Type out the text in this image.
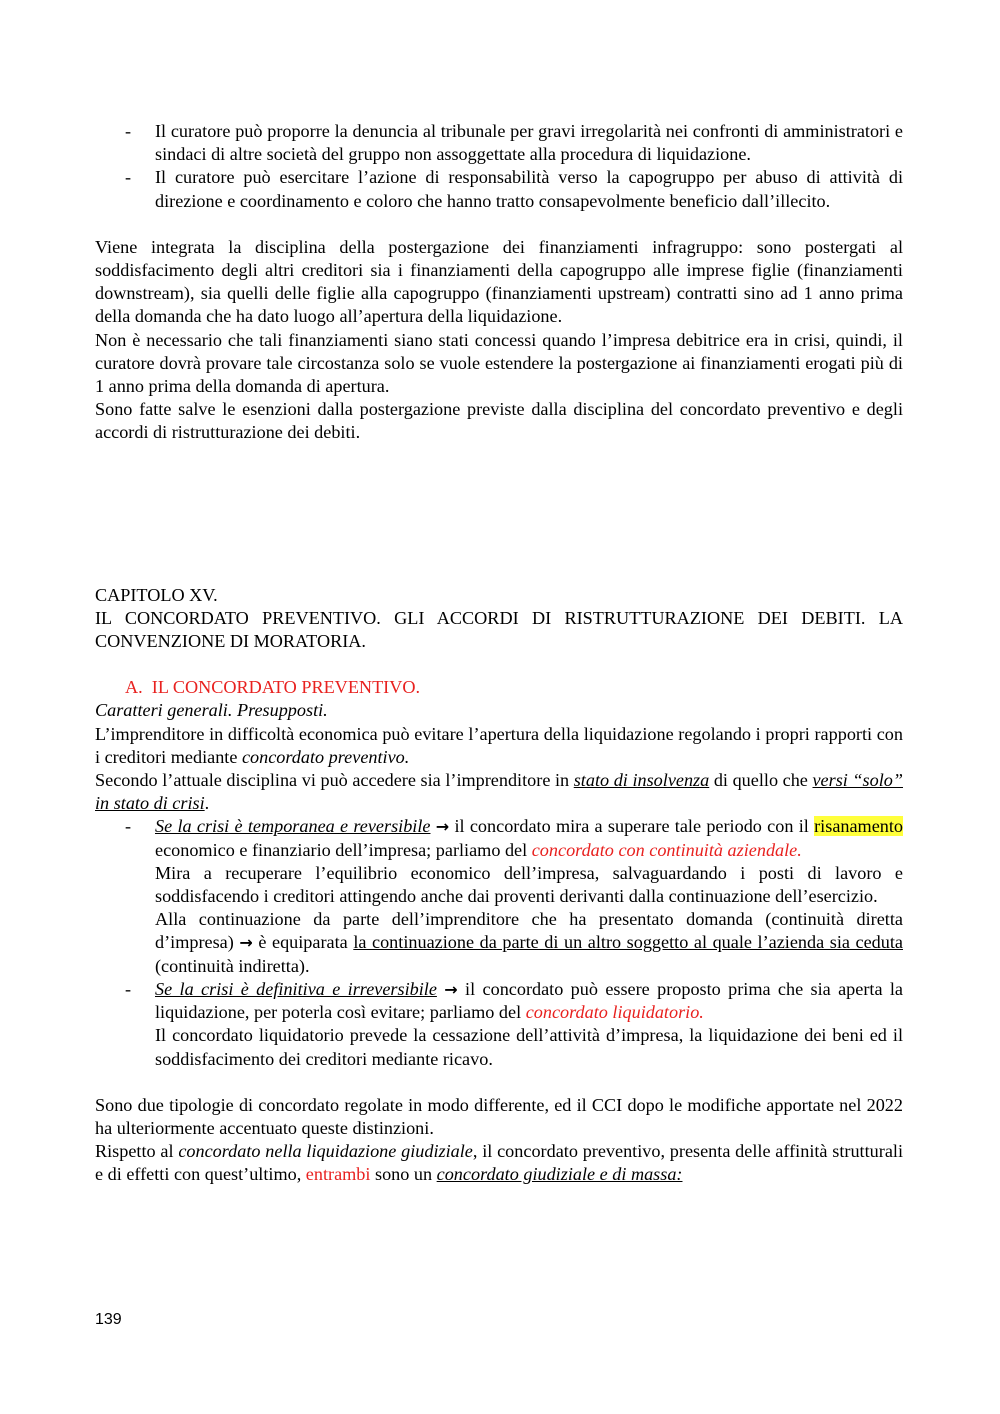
- Il curatore può proporre la denuncia al tribunale per gravi irregolarità nei confronti di amministratori e sindaci di altre società del gruppo non assoggettate alla procedura di liquidazione.
- Il curatore può esercitare l’azione di responsabilità verso la capogruppo per abuso di attività di direzione e coordinamento e coloro che hanno tratto consapevolmente beneficio dall’illecito.

Viene integrata la disciplina della postergazione dei finanziamenti infragruppo: sono postergati al soddisfacimento degli altri creditori sia i finanziamenti della capogruppo alle imprese figlie (finanziamenti downstream), sia quelli delle figlie alla capogruppo (finanziamenti upstream) contratti sino ad 1 anno prima della domanda che ha dato luogo all’apertura della liquidazione.

Non è necessario che tali finanziamenti siano stati concessi quando l’impresa debitrice era in crisi, quindi, il curatore dovrà provare tale circostanza solo se vuole estendere la postergazione ai finanziamenti erogati più di 1 anno prima della domanda di apertura.

Sono fatte salve le esenzioni dalla postergazione previste dalla disciplina del concordato preventivo e degli accordi di ristrutturazione dei debiti.

CAPITOLO XV.

IL CONCORDATO PREVENTIVO. GLI ACCORDI DI RISTRUTTURAZIONE DEI DEBITI. LA CONVENZIONE DI MORATORIA.

A. IL CONCORDATO PREVENTIVO.

Caratteri generali. Presupposti.

L’imprenditore in difficoltà economica può evitare l’apertura della liquidazione regolando i propri rapporti con i creditori mediante concordato preventivo.

Secondo l’attuale disciplina vi può accedere sia l’imprenditore in stato di insolvenza di quello che versi “solo” in stato di crisi.

- Se la crisi è temporanea e reversibile → il concordato mira a superare tale periodo con il risanamento economico e finanziario dell’impresa; parliamo del concordato con continuità aziendale.

Mira a recuperare l’equilibrio economico dell’impresa, salvaguardando i posti di lavoro e soddisfacendo i creditori attingendo anche dai proventi derivanti dalla continuazione dell’esercizio.

Alla continuazione da parte dell’imprenditore che ha presentato domanda (continuità diretta d’impresa) → è equiparata la continuazione da parte di un altro soggetto al quale l’azienda sia ceduta (continuità indiretta).

- Se la crisi è definitiva e irreversibile → il concordato può essere proposto prima che sia aperta la liquidazione, per poterla così evitare; parliamo del concordato liquidatorio.

Il concordato liquidatorio prevede la cessazione dell’attività d’impresa, la liquidazione dei beni ed il soddisfacimento dei creditori mediante ricavo.

Sono due tipologie di concordato regolate in modo differente, ed il CCI dopo le modifiche apportate nel 2022 ha ulteriormente accentuato queste distinzioni.

Rispetto al concordato nella liquidazione giudiziale, il concordato preventivo, presenta delle affinità strutturali e di effetti con quest’ultimo, entrambi sono un concordato giudiziale e di massa:

139
